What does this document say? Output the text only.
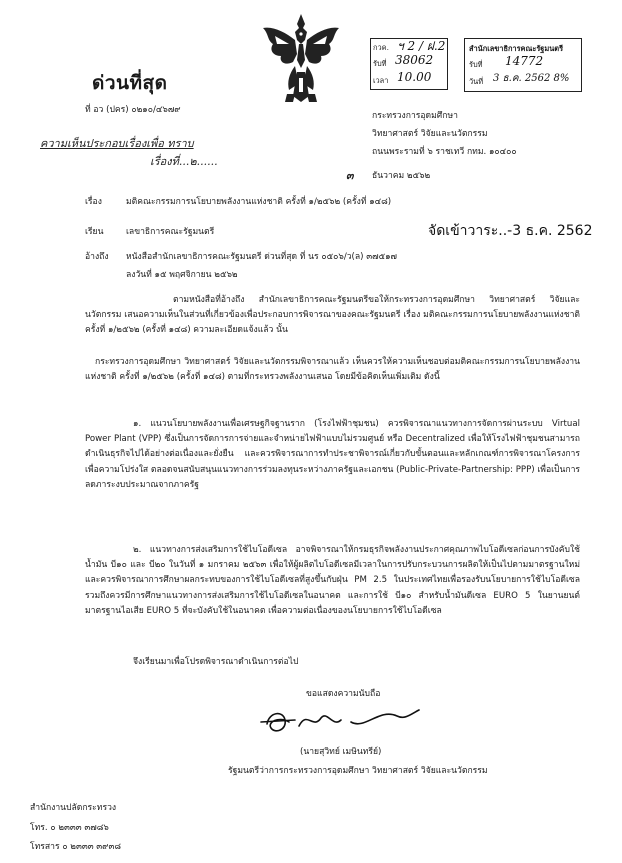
ด่วนที่สุด
ที่ อว (ปคร) ๐๒๑๐/๔๖๗๙
ความเห็นประกอบเรื่องเพื่อ ทราบ
เรื่องที่...๒......
กวค. ฯ 2 / ฝ.2
รับที่ 38062
เวลา 10.00
สำนักเลขาธิการคณะรัฐมนตรี
รับที่ 14772
วันที่ 3 ธ.ค. 2562 8%
กระทรวงการอุดมศึกษา
วิทยาศาสตร์ วิจัยและนวัตกรรม
ถนนพระรามที่ ๖ ราชเทวี กทม. ๑๐๔๐๐
๓ ธันวาคม ๒๕๖๒
เรื่อง	มติคณะกรรมการนโยบายพลังงานแห่งชาติ ครั้งที่ ๑/๒๕๖๒ (ครั้งที่ ๑๔๘)
เรียน	เลขาธิการคณะรัฐมนตรี	จัดเข้าวาระ..-3 ธ.ค. 2562
อ้างถึง หนังสือสำนักเลขาธิการคณะรัฐมนตรี ด่วนที่สุด ที่ นร ๐๕๐๖/ว(ล) ๓๗๕๑๗
ลงวันที่ ๑๕ พฤศจิกายน ๒๕๖๒
ตามหนังสือที่อ้างถึง สำนักเลขาธิการคณะรัฐมนตรีขอให้กระทรวงการอุดมศึกษา วิทยาศาสตร์ วิจัยและนวัตกรรม เสนอความเห็นในส่วนที่เกี่ยวข้องเพื่อประกอบการพิจารณาของคณะรัฐมนตรี เรื่อง มติคณะกรรมการนโยบายพลังงานแห่งชาติ ครั้งที่ ๑/๒๕๖๒ (ครั้งที่ ๑๔๘) ความละเอียดแจ้งแล้ว นั้น
กระทรวงการอุดมศึกษา วิทยาศาสตร์ วิจัยและนวัตกรรมพิจารณาแล้ว เห็นควรให้ความเห็นชอบต่อมติคณะกรรมการนโยบายพลังงานแห่งชาติ ครั้งที่ ๑/๒๕๖๒ (ครั้งที่ ๑๔๘) ตามที่กระทรวงพลังงานเสนอ โดยมีข้อคิดเห็นเพิ่มเติม ดังนี้
๑. แนวนโยบายพลังงานเพื่อเศรษฐกิจฐานราก (โรงไฟฟ้าชุมชน) ควรพิจารณาแนวทางการจัดการผ่านระบบ Virtual Power Plant (VPP) ซึ่งเป็นการจัดการการจ่ายและจำหน่ายไฟฟ้าแบบไม่รวมศูนย์ หรือ Decentralized เพื่อให้โรงไฟฟ้าชุมชนสามารถดำเนินธุรกิจไปได้อย่างต่อเนื่องและยั่งยืน และควรพิจารณาการทำประชาพิจารณ์เกี่ยวกับขั้นตอนและหลักเกณฑ์การพิจารณาโครงการ เพื่อความโปร่งใส ตลอดจนสนับสนุนแนวทางการร่วมลงทุนระหว่างภาครัฐและเอกชน (Public-Private-Partnership: PPP) เพื่อเป็นการลดภาระงบประมาณจากภาครัฐ
๒. แนวทางการส่งเสริมการใช้ไบโอดีเซล อาจพิจารณาให้กรมธุรกิจพลังงานประกาศคุณภาพไบโอดีเซลก่อนการบังคับใช้น้ำมัน บี๑๐ และ บี๒๐ ในวันที่ ๑ มกราคม ๒๕๖๓ เพื่อให้ผู้ผลิตไบโอดีเซลมีเวลาในการปรับกระบวนการผลิตให้เป็นไปตามมาตรฐานใหม่ และควรพิจารณาการศึกษาผลกระทบของการใช้ไบโอดีเซลที่สูงขึ้นกับฝุ่น PM 2.5 ในประเทศไทยเพื่อรองรับนโยบายการใช้ไบโอดีเซล รวมถึงควรมีการศึกษาแนวทางการส่งเสริมการใช้ไบโอดีเซลในอนาคต และการใช้ บี๑๐ สำหรับน้ำมันดีเซล EURO 5 ในยานยนต์มาตรฐานไอเสีย EURO 5 ที่จะบังคับใช้ในอนาคต เพื่อความต่อเนื่องของนโยบายการใช้ไบโอดีเซล
จึงเรียนมาเพื่อโปรดพิจารณาดำเนินการต่อไป
ขอแสดงความนับถือ
(นายสุวิทย์ เมษินทรีย์)
รัฐมนตรีว่าการกระทรวงการอุดมศึกษา วิทยาศาสตร์ วิจัยและนวัตกรรม
สำนักงานปลัดกระทรวง
โทร. ๐ ๒๓๓๓ ๓๗๘๖
โทรสาร ๐ ๒๓๓๓ ๓๙๓๘
